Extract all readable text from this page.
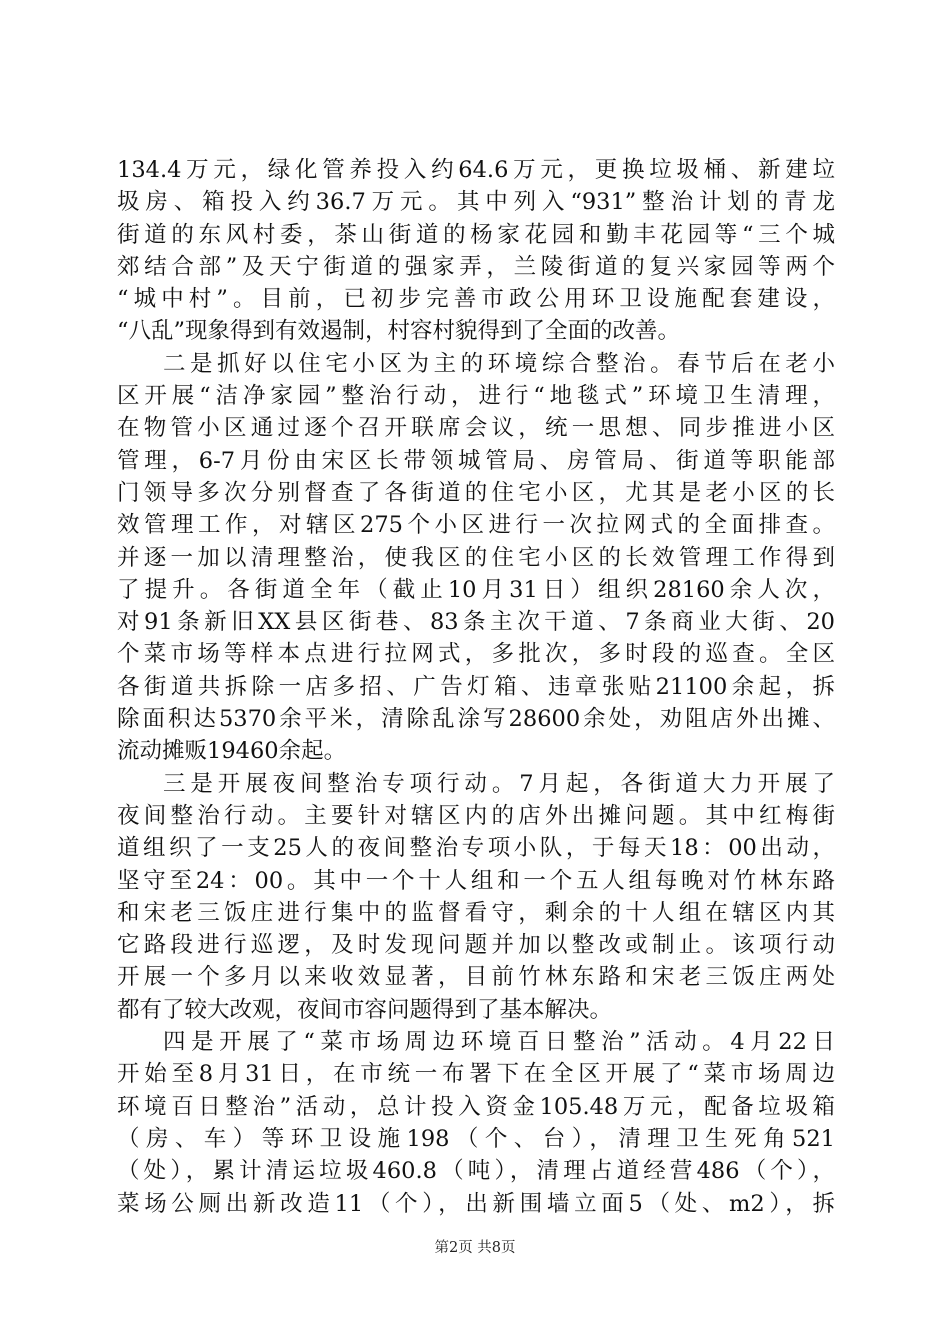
134.4万元，绿化管养投入约64.6万元，更换垃圾桶、新建垃
圾房、箱投入约36.7万元。其中列入“931”整治计划的青龙
街道的东风村委，茶山街道的杨家花园和勤丰花园等“三个城
郊结合部”及天宁街道的强家弄，兰陵街道的复兴家园等两个
“城中村”。目前，已初步完善市政公用环卫设施配套建设，
“八乱”现象得到有效遏制，村容村貌得到了全面的改善。
二是抓好以住宅小区为主的环境综合整治。春节后在老小
区开展“洁净家园”整治行动，进行“地毯式”环境卫生清理，
在物管小区通过逐个召开联席会议，统一思想、同步推进小区
管理，6-7月份由宋区长带领城管局、房管局、街道等职能部
门领导多次分别督查了各街道的住宅小区，尤其是老小区的长
效管理工作，对辖区275个小区进行一次拉网式的全面排查。
并逐一加以清理整治，使我区的住宅小区的长效管理工作得到
了提升。各街道全年（截止10月31日）组织28160余人次，
对91条新旧XX县区街巷、83条主次干道、7条商业大街、20
个菜市场等样本点进行拉网式，多批次，多时段的巡查。全区
各街道共拆除一店多招、广告灯箱、违章张贴21100余起，拆
除面积达5370余平米，清除乱涂写28600余处，劝阻店外出摊、
流动摊贩19460余起。
三是开展夜间整治专项行动。7月起，各街道大力开展了
夜间整治行动。主要针对辖区内的店外出摊问题。其中红梅街
道组织了一支25人的夜间整治专项小队，于每天18：00出动，
坚守至24：00。其中一个十人组和一个五人组每晚对竹林东路
和宋老三饭庄进行集中的监督看守，剩余的十人组在辖区内其
它路段进行巡逻，及时发现问题并加以整改或制止。该项行动
开展一个多月以来收效显著，目前竹林东路和宋老三饭庄两处
都有了较大改观，夜间市容问题得到了基本解决。
四是开展了“菜市场周边环境百日整治”活动。4月22日
开始至8月31日，在市统一布署下在全区开展了“菜市场周边
环境百日整治”活动，总计投入资金105.48万元，配备垃圾箱
（房、车）等环卫设施198（个、台），清理卫生死角521
（处），累计清运垃圾460.8（吨），清理占道经营486（个），
菜场公厕出新改造11（个），出新围墙立面5（处、m2），拆
第2页 共8页
